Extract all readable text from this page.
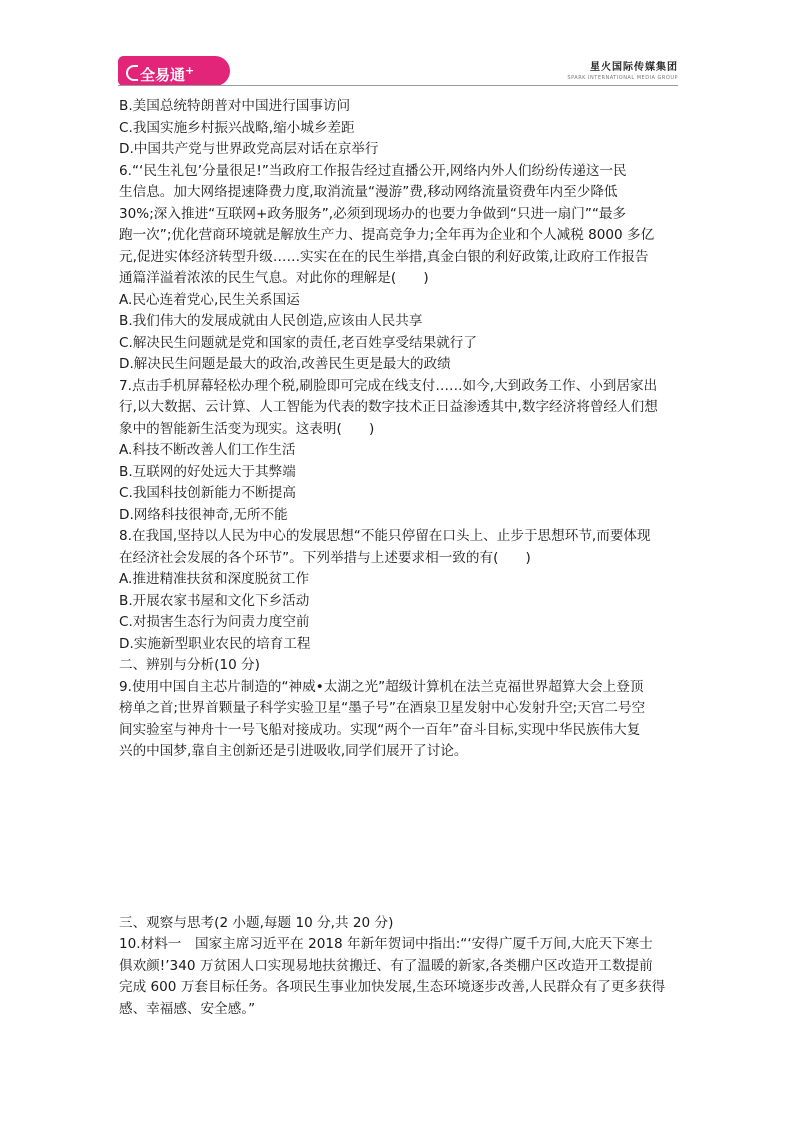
全易通+	星火国际传媒集团
SPARK INTERNATIONAL MEDIA GROUP
B.美国总统特朗普对中国进行国事访问
C.我国实施乡村振兴战略,缩小城乡差距
D.中国共产党与世界政党高层对话在京举行
6.“‘民生礼包’分量很足!”当政府工作报告经过直播公开,网络内外人们纷纷传递这一民
生信息。加大网络提速降费力度,取消流量“漫游”费,移动网络流量资费年内至少降低
30%;深入推进“互联网+政务服务”,必须到现场办的也要力争做到“只进一扇门”“最多
跑一次”;优化营商环境就是解放生产力、提高竞争力;全年再为企业和个人减税 8000 多亿
元,促进实体经济转型升级……实实在在的民生举措,真金白银的利好政策,让政府工作报告
通篇洋溢着浓浓的民生气息。对此你的理解是(　　)
A.民心连着党心,民生关系国运
B.我们伟大的发展成就由人民创造,应该由人民共享
C.解决民生问题就是党和国家的责任,老百姓享受结果就行了
D.解决民生问题是最大的政治,改善民生更是最大的政绩
7.点击手机屏幕轻松办理个税,刷脸即可完成在线支付……如今,大到政务工作、小到居家出
行,以大数据、云计算、人工智能为代表的数字技术正日益渗透其中,数字经济将曾经人们想
象中的智能新生活变为现实。这表明(　　)
A.科技不断改善人们工作生活
B.互联网的好处远大于其弊端
C.我国科技创新能力不断提高
D.网络科技很神奇,无所不能
8.在我国,坚持以人民为中心的发展思想“不能只停留在口头上、止步于思想环节,而要体现
在经济社会发展的各个环节”。下列举措与上述要求相一致的有(　　)
A.推进精准扶贫和深度脱贫工作
B.开展农家书屋和文化下乡活动
C.对损害生态行为问责力度空前
D.实施新型职业农民的培育工程
二、辨别与分析(10 分)
9.使用中国自主芯片制造的“神威•太湖之光”超级计算机在法兰克福世界超算大会上登顶
榜单之首;世界首颗量子科学实验卫星“墨子号”在酒泉卫星发射中心发射升空;天宫二号空
间实验室与神舟十一号飞船对接成功。实现“两个一百年”奋斗目标,实现中华民族伟大复
兴的中国梦,靠自主创新还是引进吸收,同学们展开了讨论。
三、观察与思考(2 小题,每题 10 分,共 20 分)
10.材料一　国家主席习近平在 2018 年新年贺词中指出:“‘安得广厦千万间,大庇天下寒士
俱欢颜!’340 万贫困人口实现易地扶贫搬迁、有了温暖的新家,各类棚户区改造开工数提前
完成 600 万套目标任务。各项民生事业加快发展,生态环境逐步改善,人民群众有了更多获得
感、幸福感、安全感。”
